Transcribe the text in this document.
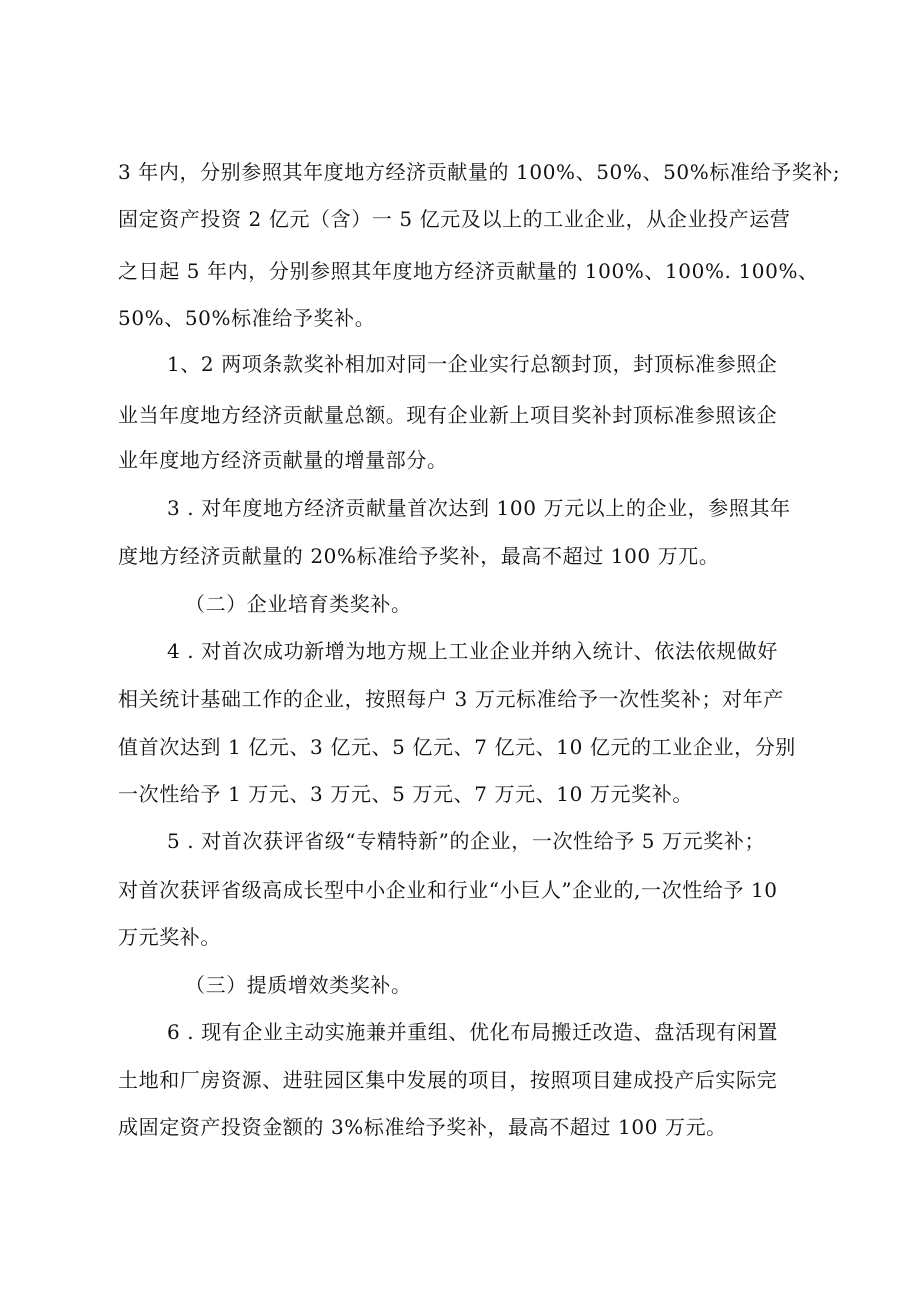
3 年内，分别参照其年度地方经济贡献量的 100%、50%、50%标准给予奖补;
固定资产投资 2 亿元（含）一 5 亿元及以上的工业企业，从企业投产运营
之日起 5 年内，分别参照其年度地方经济贡献量的 100%、100%. 100%、
50%、50%标准给予奖补。
1、2 两项条款奖补相加对同一企业实行总额封顶，封顶标准参照企
业当年度地方经济贡献量总额。现有企业新上项目奖补封顶标准参照该企
业年度地方经济贡献量的增量部分。
3 . 对年度地方经济贡献量首次达到 100 万元以上的企业，参照其年
度地方经济贡献量的 20%标准给予奖补，最高不超过 100 万兀。
（二）企业培育类奖补。
4 . 对首次成功新增为地方规上工业企业并纳入统计、依法依规做好
相关统计基础工作的企业，按照每户 3 万元标准给予一次性奖补；对年产
值首次达到 1 亿元、3 亿元、5 亿元、7 亿元、10 亿元的工业企业，分别
一次性给予 1 万元、3 万元、5 万元、7 万元、10 万元奖补。
5 . 对首次获评省级“专精特新”的企业，一次性给予 5 万元奖补；
对首次获评省级高成长型中小企业和行业“小巨人”企业的,一次性给予 10
万元奖补。
（三）提质增效类奖补。
6 . 现有企业主动实施兼并重组、优化布局搬迁改造、盘活现有闲置
土地和厂房资源、进驻园区集中发展的项目，按照项目建成投产后实际完
成固定资产投资金额的 3%标准给予奖补，最高不超过 100 万元。
